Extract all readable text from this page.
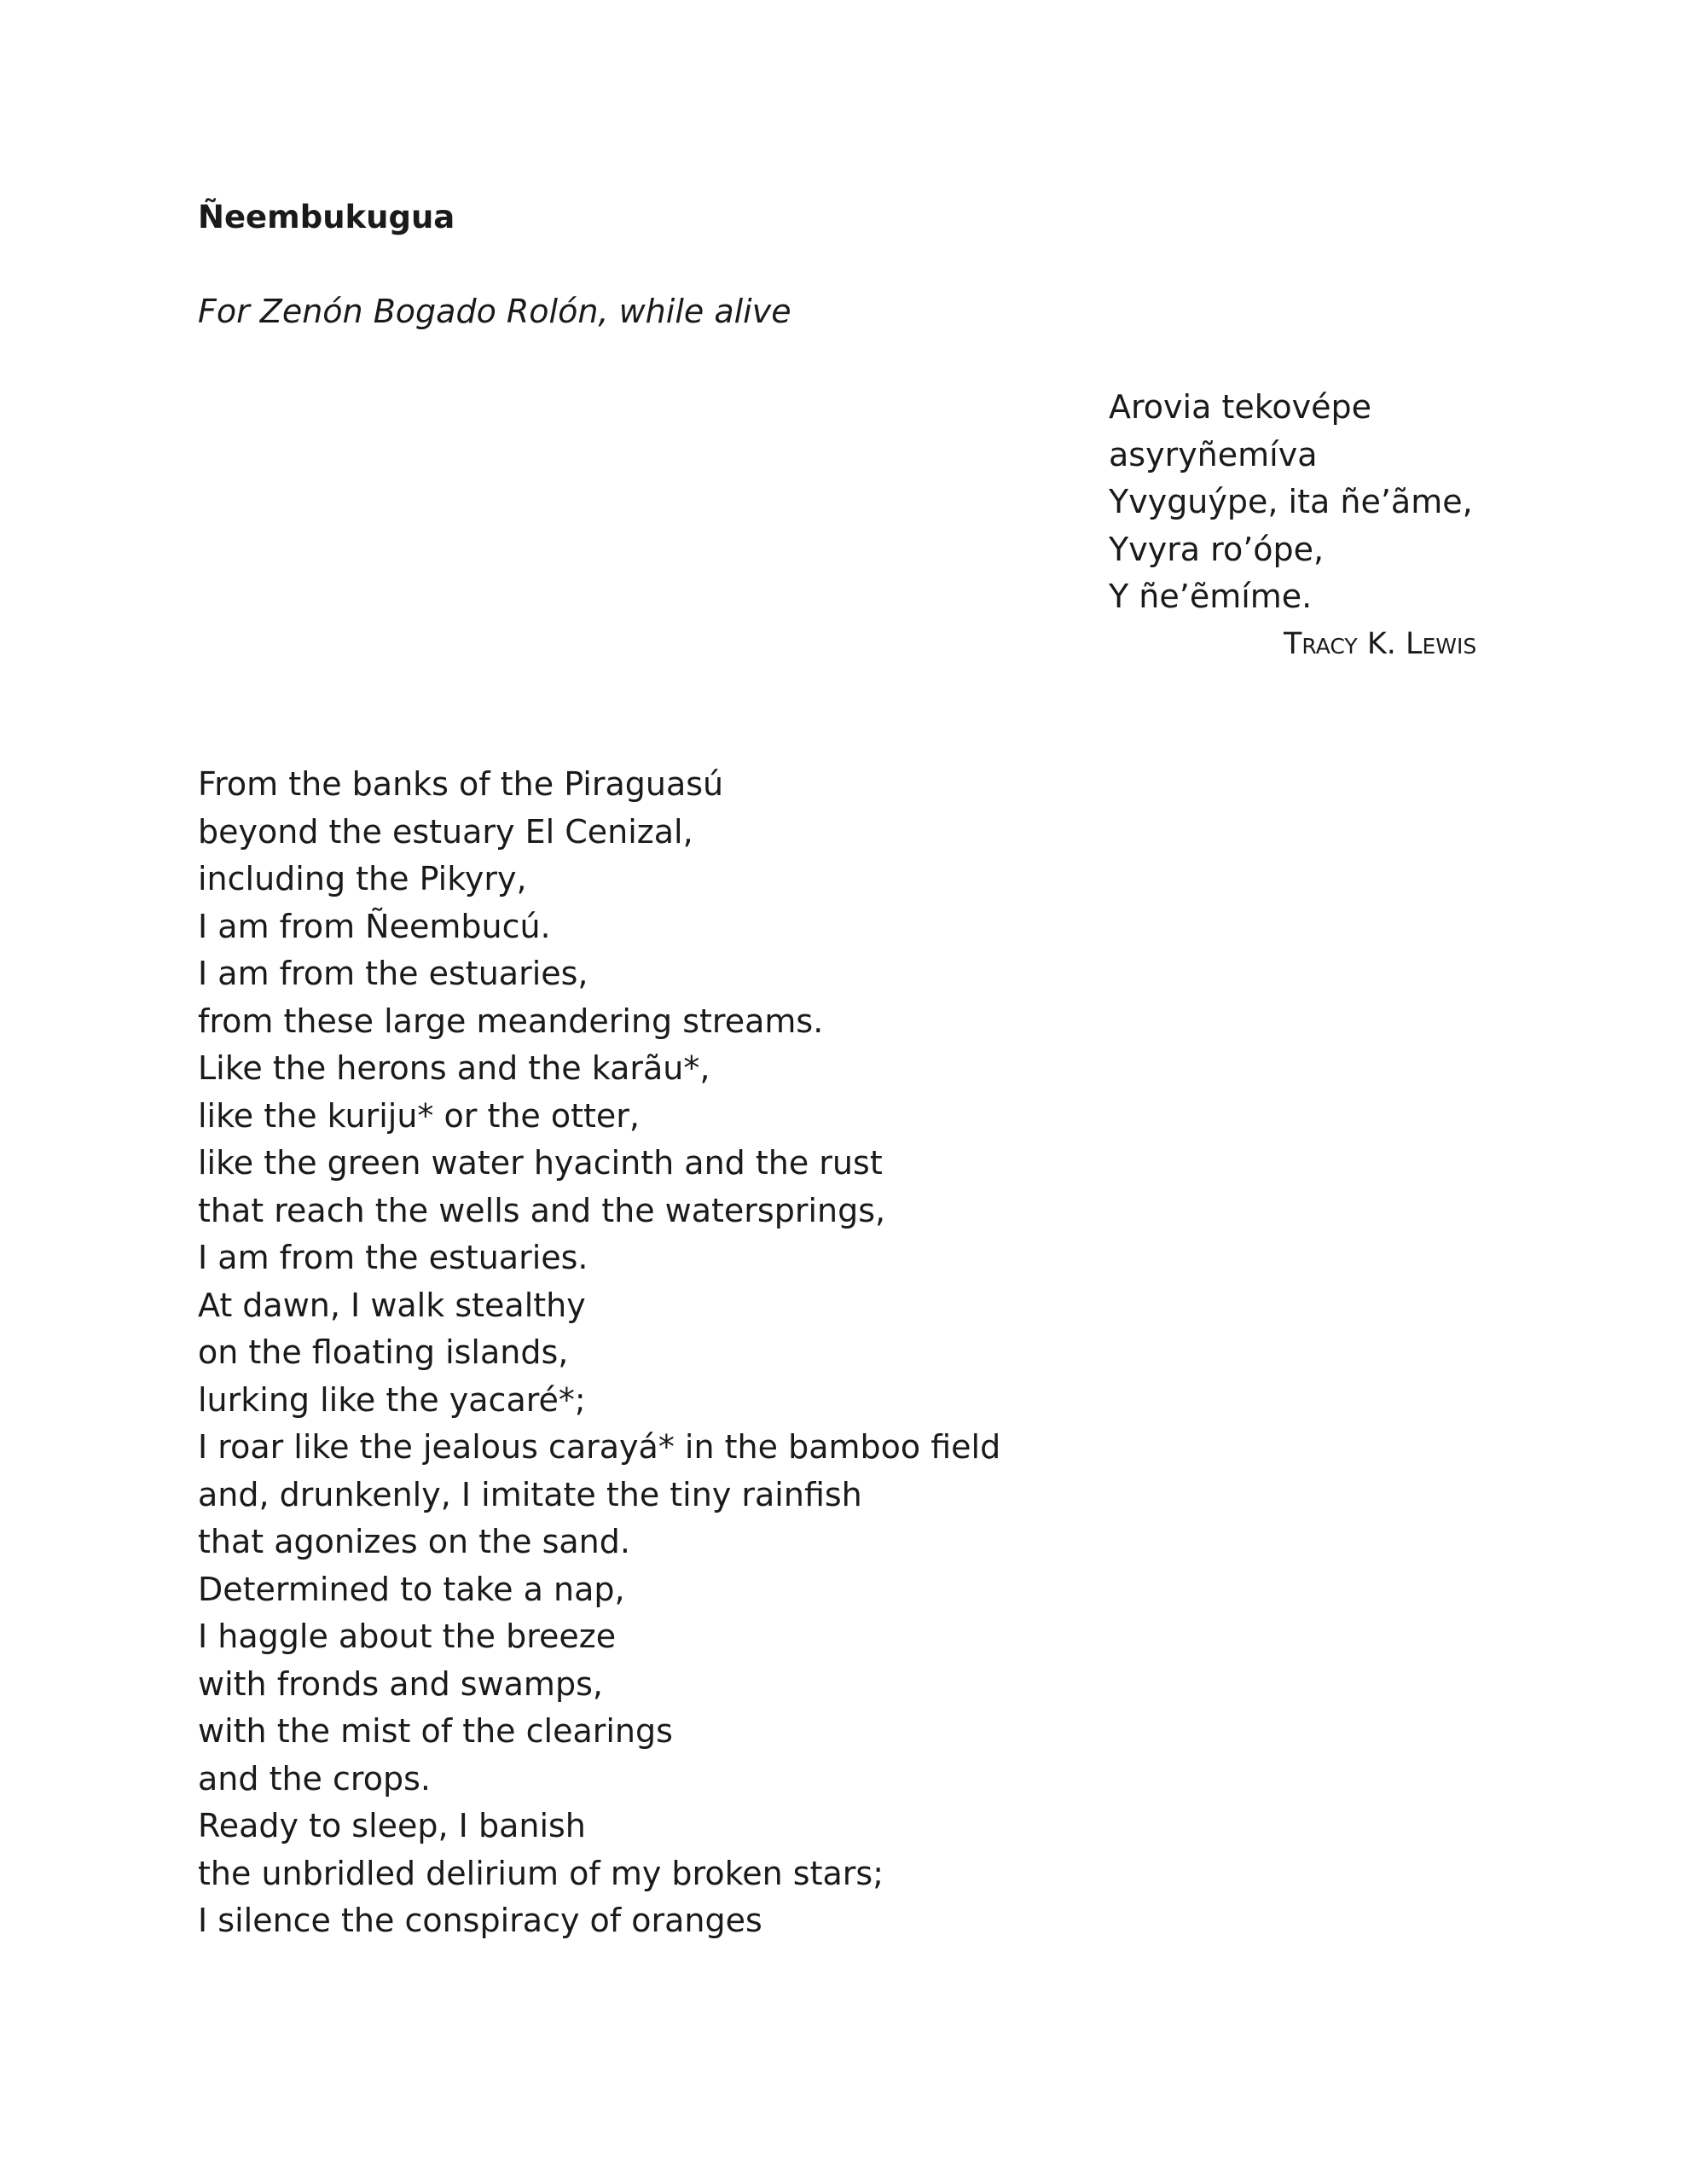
Ñeembukugua

For Zenón Bogado Rolón, while alive

Arovia tekovépe
asyryñemíva
Yvyguýpe, ita ñe’ãme,
Yvyra ro’ópe,
Y ñe’ẽmíme.
Tracy K. Lewis
From the banks of the Piraguasú
beyond the estuary El Cenizal,
including the Pikyry,
I am from Ñeembucú.
I am from the estuaries,
from these large meandering streams.
Like the herons and the karãu*,
like the kuriju* or the otter,
like the green water hyacinth and the rust
that reach the wells and the watersprings,
I am from the estuaries.
At dawn, I walk stealthy
on the floating islands,
lurking like the yacaré*;
I roar like the jealous carayá* in the bamboo field
and, drunkenly, I imitate the tiny rainfish
that agonizes on the sand.
Determined to take a nap,
I haggle about the breeze
with fronds and swamps,
with the mist of the clearings
and the crops.
Ready to sleep, I banish
the unbridled delirium of my broken stars;
I silence the conspiracy of oranges
